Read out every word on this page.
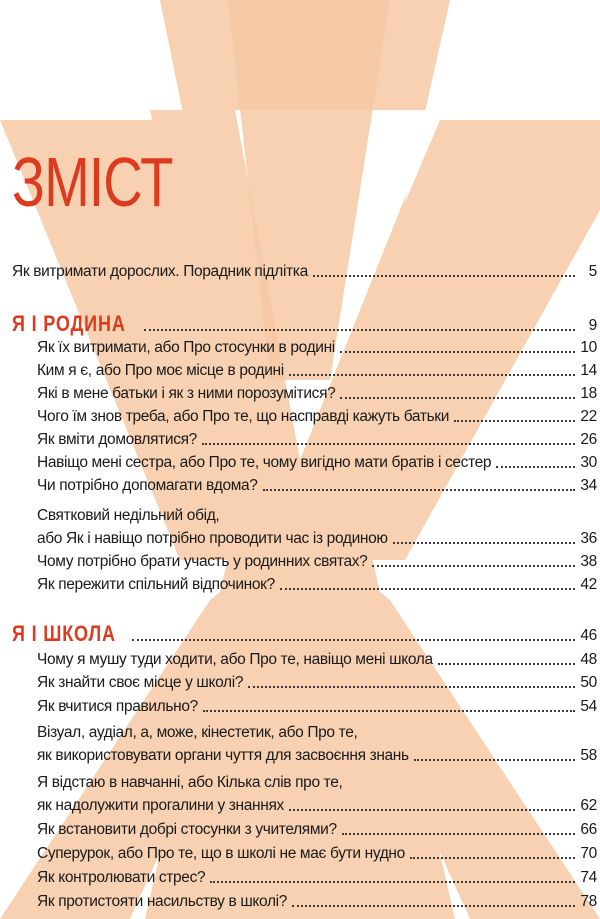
ЗМІСТ
Як витримати дорослих. Порадник підлітка	5
Я І РОДИНА	9
Як їх витримати, або Про стосунки в родині	10
Ким я є, або Про моє місце в родині	14
Які в мене батьки і як з ними порозумітися?	18
Чого їм знов треба, або Про те, що насправді кажуть батьки	22
Як вміти домовлятися?	26
Навіщо мені сестра, або Про те, чому вигідно мати братів і сестер	30
Чи потрібно допомагати вдома?	34
Святковий недільний обід,
або Як і навіщо потрібно проводити час із родиною	36
Чому потрібно брати участь у родинних святах?	38
Як пережити спільний відпочинок?	42
Я І ШКОЛА	46
Чому я мушу туди ходити, або Про те, навіщо мені школа	48
Як знайти своє місце у школі?	50
Як вчитися правильно?	54
Візуал, аудіал, а, може, кінестетик, або Про те,
як використовувати органи чуття для засвоєння знань	58
Я відстаю в навчанні, або Кілька слів про те,
як надолужити прогалини у знаннях	62
Як встановити добрі стосунки з учителями?	66
Суперурок, або Про те, що в школі не має бути нудно	70
Як контролювати стрес?	74
Як протистояти насильству в школі?	78
